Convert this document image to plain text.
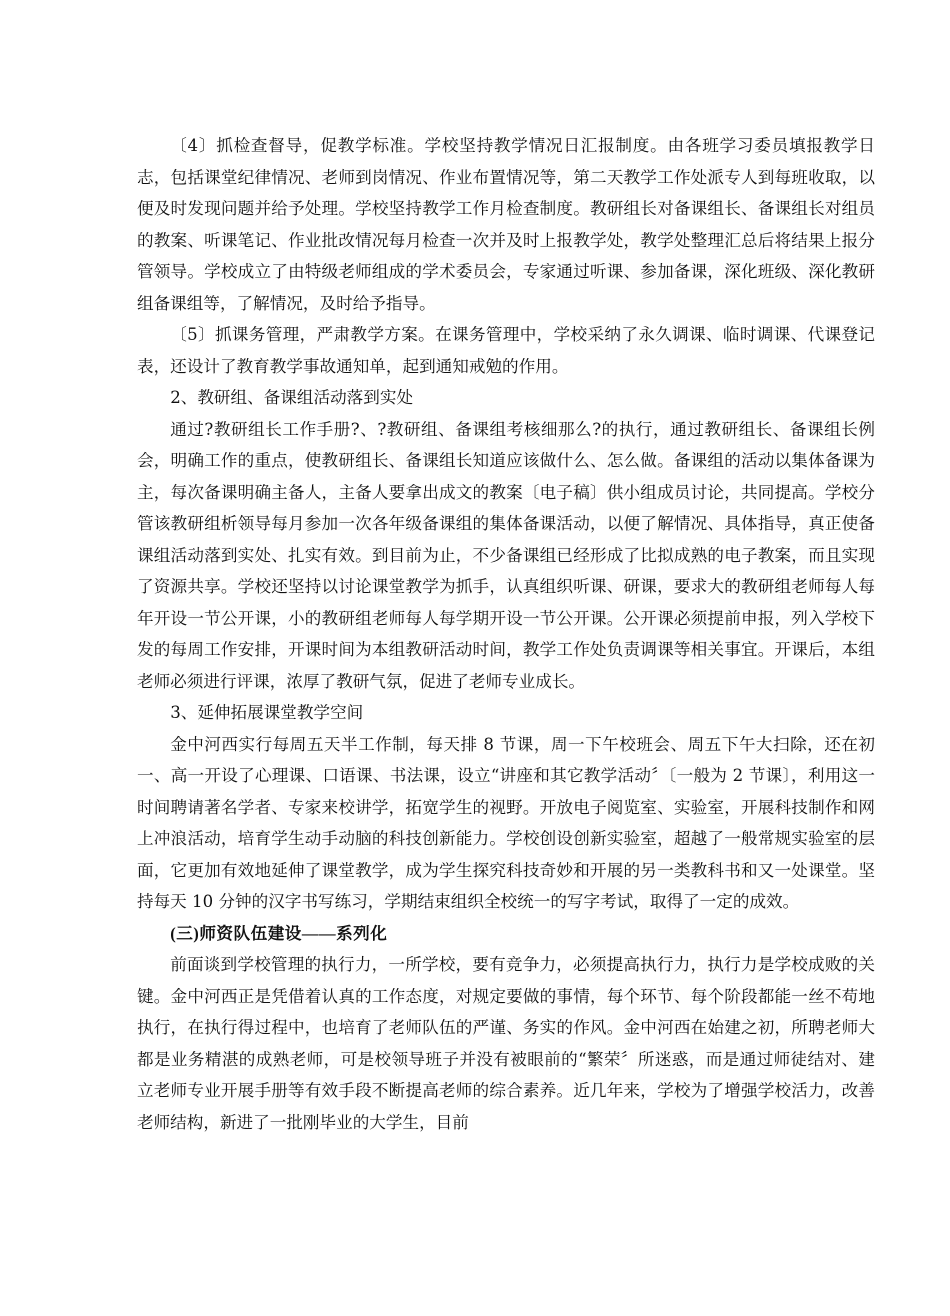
〔4〕抓检查督导，促教学标准。学校坚持教学情况日汇报制度。由各班学习委员填报教学日志，包括课堂纪律情况、老师到岗情况、作业布置情况等，第二天教学工作处派专人到每班收取，以便及时发现问题并给予处理。学校坚持教学工作月检查制度。教研组长对备课组长、备课组长对组员的教案、听课笔记、作业批改情况每月检查一次并及时上报教学处，教学处整理汇总后将结果上报分管领导。学校成立了由特级老师组成的学术委员会，专家通过听课、参加备课，深化班级、深化教研组备课组等，了解情况，及时给予指导。

〔5〕抓课务管理，严肃教学方案。在课务管理中，学校采纳了永久调课、临时调课、代课登记表，还设计了教育教学事故通知单，起到通知戒勉的作用。

2、教研组、备课组活动落到实处

通过?教研组长工作手册?、?教研组、备课组考核细那么?的执行，通过教研组长、备课组长例会，明确工作的重点，使教研组长、备课组长知道应该做什么、怎么做。备课组的活动以集体备课为主，每次备课明确主备人，主备人要拿出成文的教案〔电子稿〕供小组成员讨论，共同提高。学校分管该教研组析领导每月参加一次各年级备课组的集体备课活动，以便了解情况、具体指导，真正使备课组活动落到实处、扎实有效。到目前为止，不少备课组已经形成了比拟成熟的电子教案，而且实现了资源共享。学校还坚持以讨论课堂教学为抓手，认真组织听课、研课，要求大的教研组老师每人每年开设一节公开课，小的教研组老师每人每学期开设一节公开课。公开课必须提前申报，列入学校下发的每周工作安排，开课时间为本组教研活动时间，教学工作处负责调课等相关事宜。开课后，本组老师必须进行评课，浓厚了教研气氛，促进了老师专业成长。

3、延伸拓展课堂教学空间

金中河西实行每周五天半工作制，每天排 8 节课，周一下午校班会、周五下午大扫除，还在初一、高一开设了心理课、口语课、书法课，设立“讲座和其它教学活动〞〔一般为 2 节课〕，利用这一时间聘请著名学者、专家来校讲学，拓宽学生的视野。开放电子阅览室、实验室，开展科技制作和网上冲浪活动，培育学生动手动脑的科技创新能力。学校创设创新实验室，超越了一般常规实验室的层面，它更加有效地延伸了课堂教学，成为学生探究科技奇妙和开展的另一类教科书和又一处课堂。坚持每天 10 分钟的汉字书写练习，学期结束组织全校统一的写字考试，取得了一定的成效。

(三)师资队伍建设——系列化

前面谈到学校管理的执行力，一所学校，要有竞争力，必须提高执行力，执行力是学校成败的关键。金中河西正是凭借着认真的工作态度，对规定要做的事情，每个环节、每个阶段都能一丝不苟地执行，在执行得过程中，也培育了老师队伍的严谨、务实的作风。金中河西在始建之初，所聘老师大都是业务精湛的成熟老师，可是校领导班子并没有被眼前的“繁荣〞所迷惑，而是通过师徒结对、建立老师专业开展手册等有效手段不断提高老师的综合素养。近几年来，学校为了增强学校活力，改善老师结构，新进了一批刚毕业的大学生，目前
